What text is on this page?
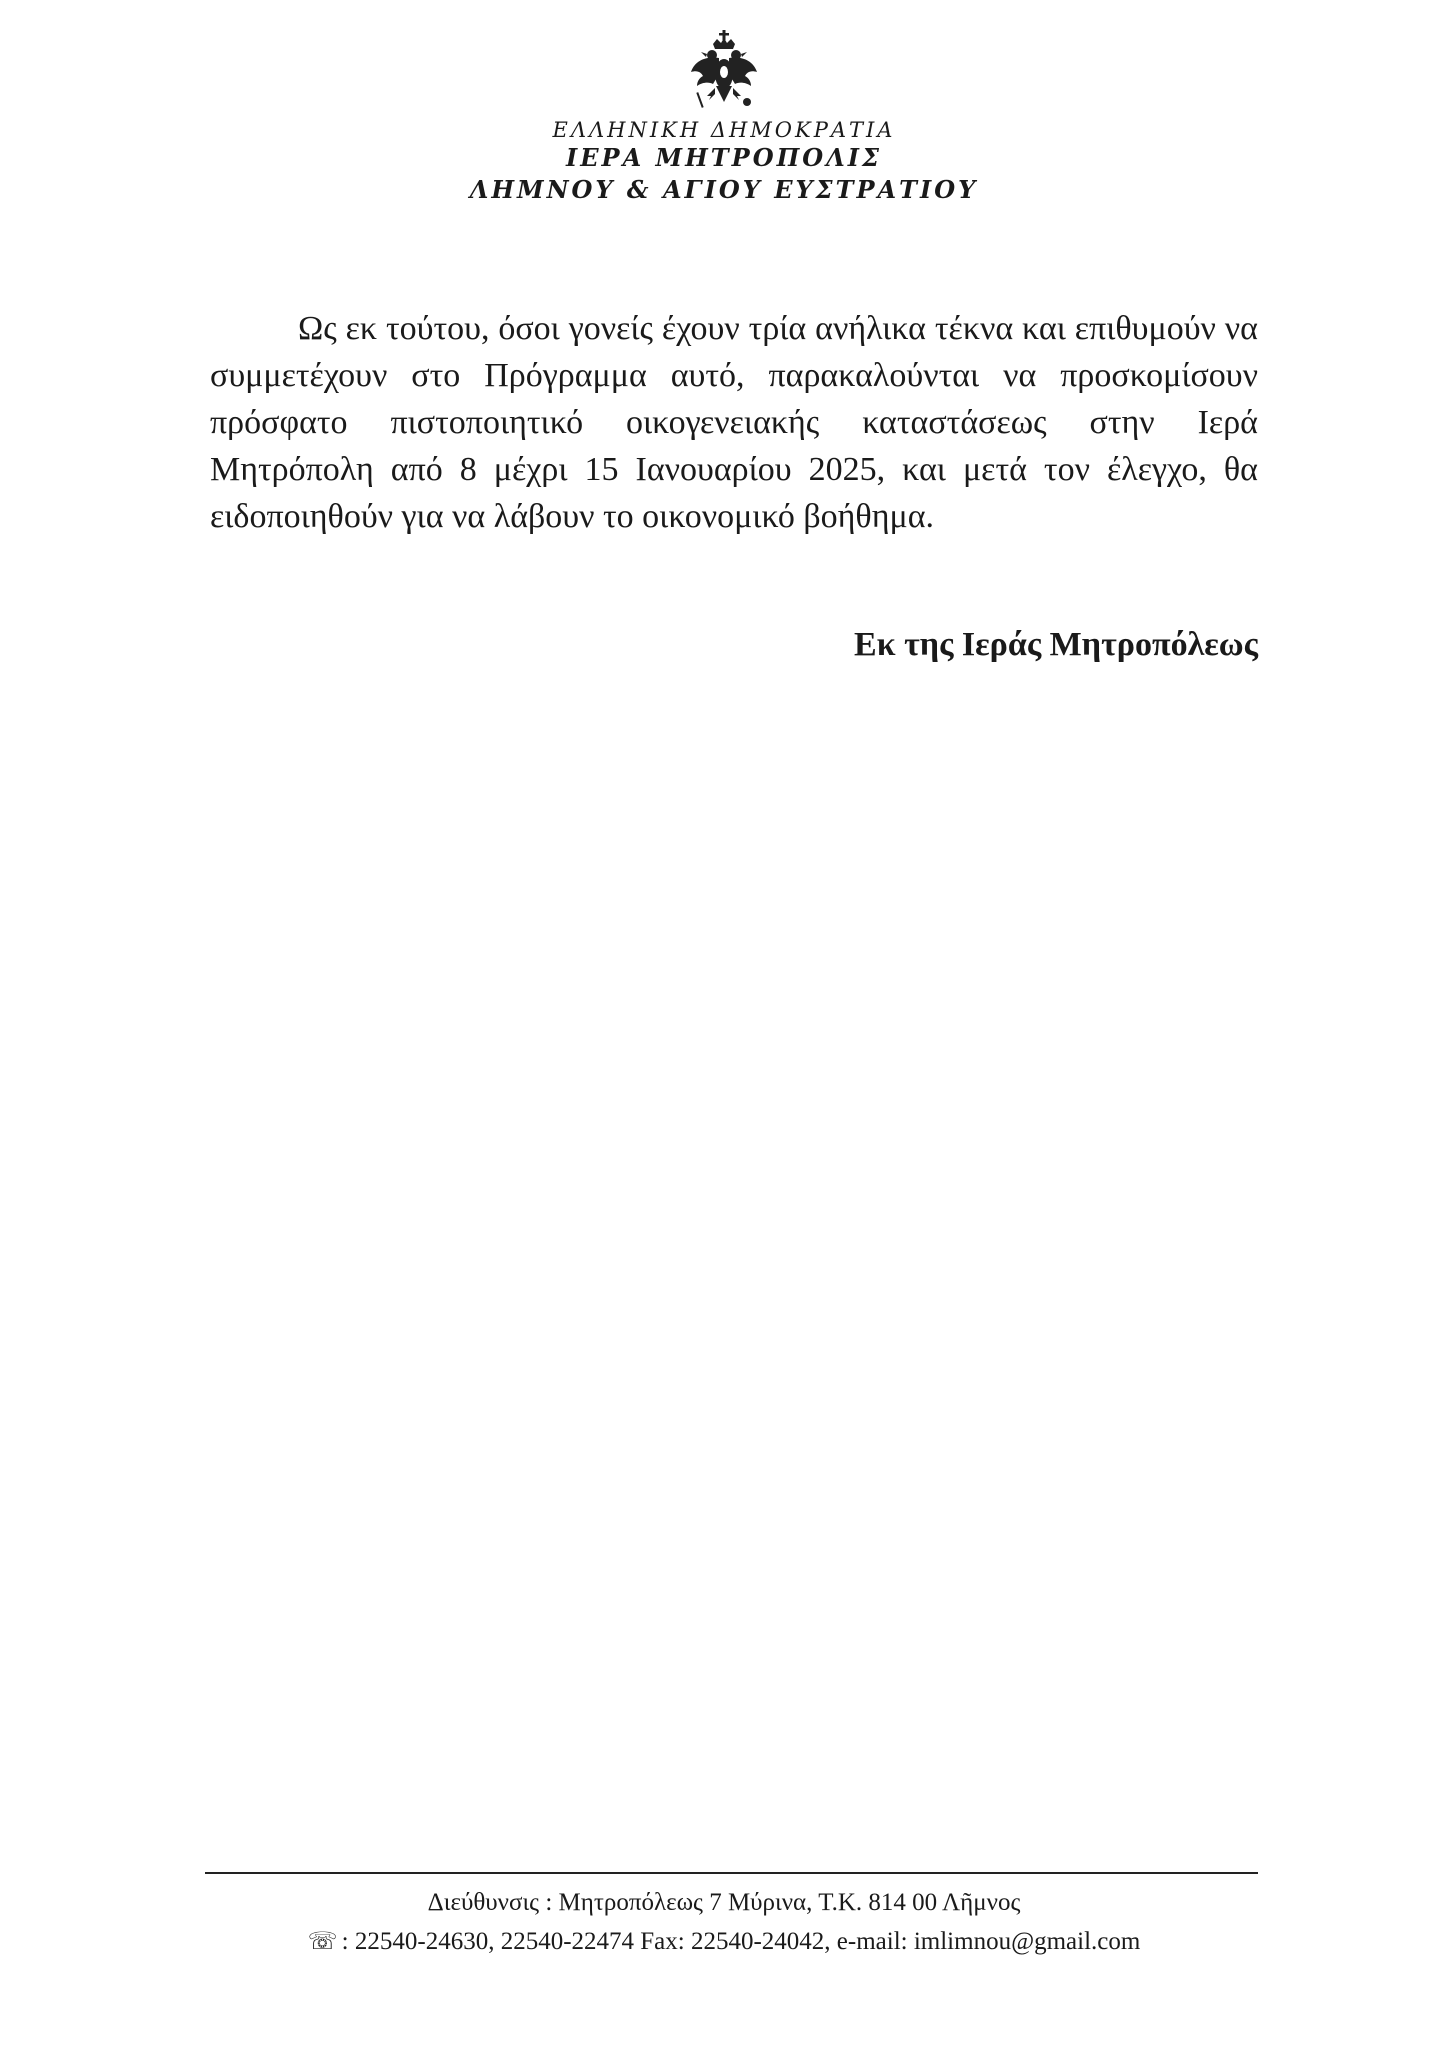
ΕΛΛΗΝΙΚΗ ΔΗΜΟΚΡΑΤΙΑ
ΙΕΡΑ ΜΗΤΡΟΠΟΛΙΣ
ΛΗΜΝΟΥ & ΑΓΙΟΥ ΕΥΣΤΡΑΤΙΟΥ

Ως εκ τούτου, όσοι γονείς έχουν τρία ανήλικα τέκνα και επιθυμούν να συμμετέχουν στο Πρόγραμμα αυτό, παρακαλούνται να προσκομίσουν πρόσφατο πιστοποιητικό οικογενειακής καταστάσεως στην Ιερά Μητρόπολη από 8 μέχρι 15 Ιανουαρίου 2025, και μετά τον έλεγχο, θα ειδοποιηθούν για να λάβουν το οικονομικό βοήθημα.

Εκ της Ιεράς Μητροπόλεως

Διεύθυνσις : Μητροπόλεως 7 Μύρινα, Τ.Κ. 814 00 Λῆμνος
☏ : 22540-24630, 22540-22474 Fax: 22540-24042, e-mail: imlimnou@gmail.com
